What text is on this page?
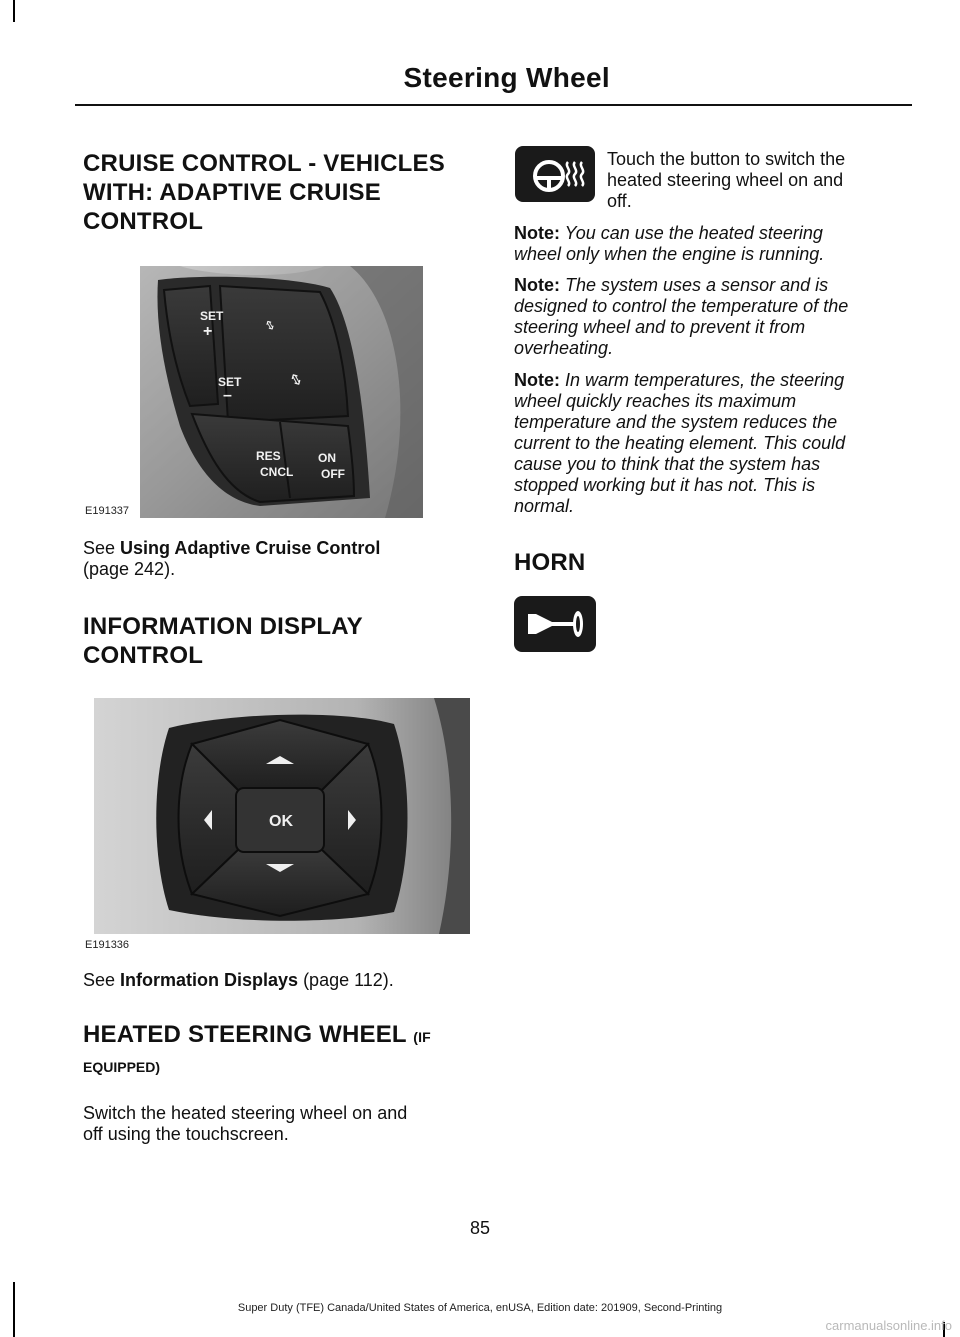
Steering Wheel
CRUISE CONTROL - VEHICLES
WITH: ADAPTIVE CRUISE
CONTROL
SET
+
SET
–
⇕
⇕
RES
CNCL
ON
OFF
E191337

See Using Adaptive Cruise Control
(page 242).

INFORMATION DISPLAY
CONTROL
OK
E191336

See Information Displays (page 112).

HEATED STEERING WHEEL (IF
EQUIPPED)

Switch the heated steering wheel on and
off using the touchscreen.

Touch the button to switch the
heated steering wheel on and
off.

Note: You can use the heated steering
wheel only when the engine is running.

Note: The system uses a sensor and is
designed to control the temperature of the
steering wheel and to prevent it from
overheating.

Note: In warm temperatures, the steering
wheel quickly reaches its maximum
temperature and the system reduces the
current to the heating element. This could
cause you to think that the system has
stopped working but it has not. This is
normal.

HORN
85
Super Duty (TFE) Canada/United States of America, enUSA, Edition date: 201909, Second-Printing
carmanualsonline.info
